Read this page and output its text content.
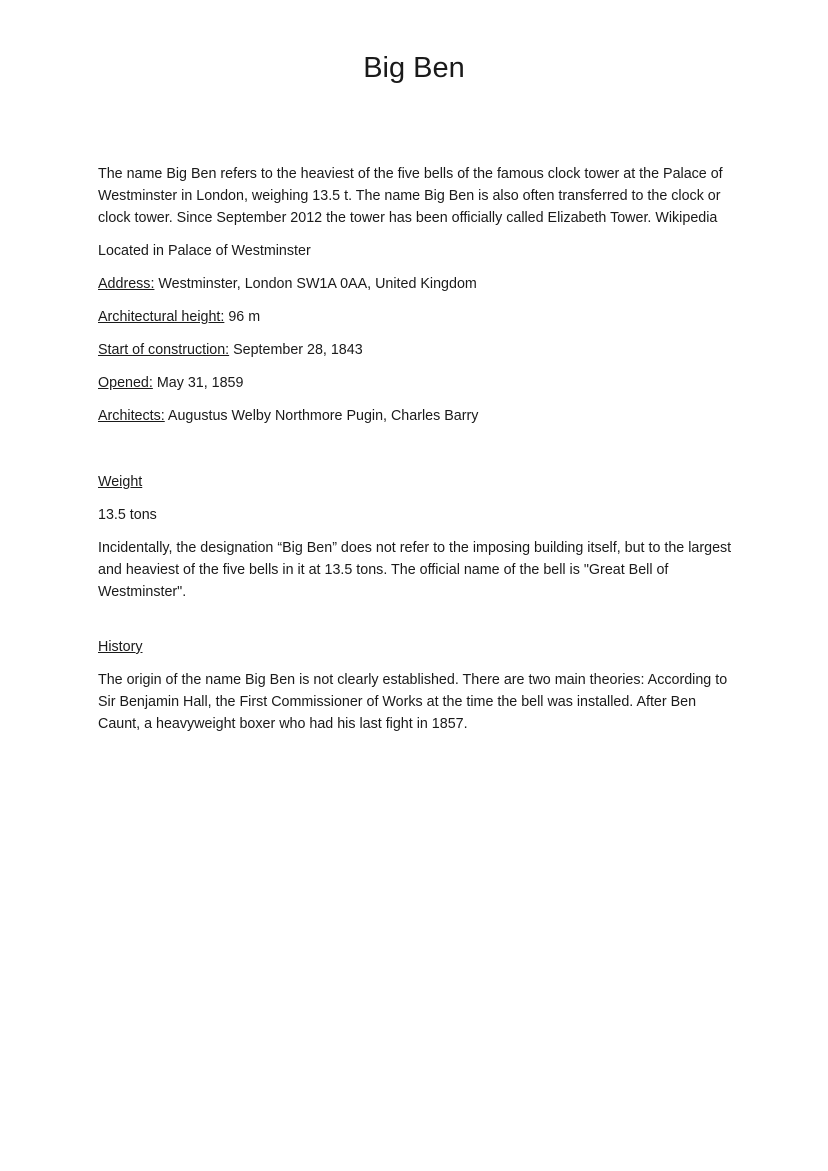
Big Ben

The name Big Ben refers to the heaviest of the five bells of the famous clock tower at the Palace of Westminster in London, weighing 13.5 t. The name Big Ben is also often transferred to the clock or clock tower. Since September 2012 the tower has been officially called Elizabeth Tower. Wikipedia

Located in Palace of Westminster

Address: Westminster, London SW1A 0AA, United Kingdom

Architectural height: 96 m

Start of construction: September 28, 1843

Opened: May 31, 1859

Architects: Augustus Welby Northmore Pugin, Charles Barry

Weight

13.5 tons

Incidentally, the designation “Big Ben” does not refer to the imposing building itself, but to the largest and heaviest of the five bells in it at 13.5 tons. The official name of the bell is "Great Bell of Westminster".

History

The origin of the name Big Ben is not clearly established. There are two main theories: According to Sir Benjamin Hall, the First Commissioner of Works at the time the bell was installed. After Ben Caunt, a heavyweight boxer who had his last fight in 1857.
